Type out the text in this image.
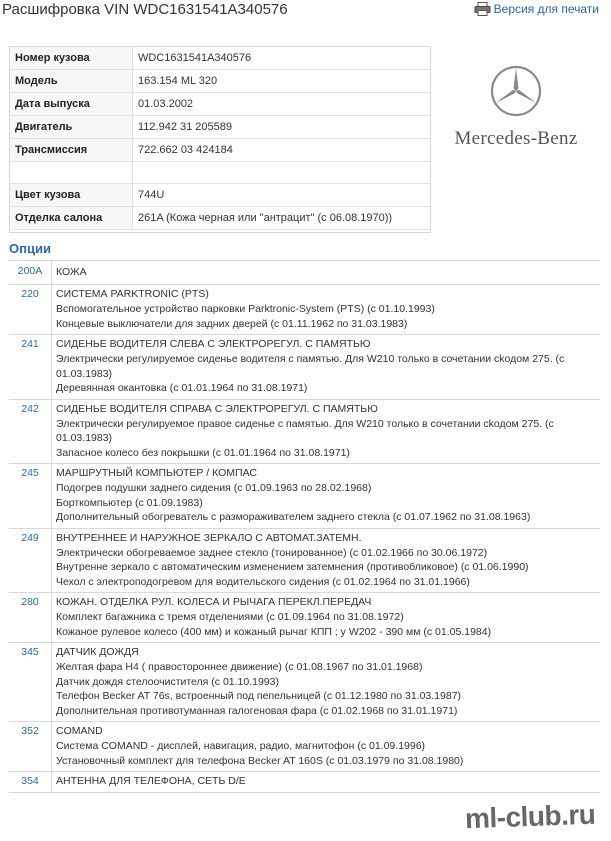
Расшифровка VIN WDC1631541A340576	Версия для печати
Номер кузова	WDC1631541A340576
Модель	163.154 ML 320
Дата выпуска	01.03.2002
Двигатель	112.942 31 205589
Трансмиссия	722.662 03 424184

Цвет кузова	744U
Отделка салона	261A (Кожа черная или "антрацит" (с 06.08.1970))
Mercedes-Benz
Опции
200A	КОЖА

220	СИСТЕМА PARKTRONIC (PTS)
Вспомогательное устройство парковки Parktronic-System (PTS) (с 01.10.1993)
Концевые выключатели для задних дверей (с 01.11.1962 по 31.03.1983)

241	СИДЕНЬЕ ВОДИТЕЛЯ СЛЕВА С ЭЛЕКТРОРЕГУЛ. С ПАМЯТЬЮ
Электрически регулируемое сиденье водителя с памятью. Для W210 только в сочетании сkодом 275. (с 01.03.1983)
Деревянная окантовка (с 01.01.1964 по 31.08.1971)

242	СИДЕНЬЕ ВОДИТЕЛЯ СПРАВА С ЭЛЕКТРОРЕГУЛ. С ПАМЯТЬЮ
Электрически регулируемое правое сиденье с памятью. Для W210 только в сочетании сkодом 275. (с 01.03.1983)
Запасное колесо без покрышки (с 01.01.1964 по 31.08.1971)

245	МАРШРУТНЫЙ КОМПЬЮТЕР / КОМПАС
Подогрев подушки заднего сидения (с 01.09.1963 по 28.02.1968)
Борткомпьютер (с 01.09.1983)
Дополнительный обогреватель с размораживателем заднего стекла (с 01.07.1962 по 31.08.1963)

249	ВНУТРЕННЕЕ И НАРУЖНОЕ ЗЕРКАЛО С АВТОМАТ.ЗАТЕМН.
Электрически обогреваемое заднее стекло (тонированное) (с 01.02.1966 по 30.06.1972)
Внутренне зеркало с автоматическим изменением затемнения (противобликовое) (с 01.06.1990)
Чехол с электроподогревом для водительского сидения (с 01.02.1964 по 31.01.1966)

280	КОЖАН. ОТДЕЛКА РУЛ. КОЛЕСА И РЫЧАГА ПЕРЕКЛ.ПЕРЕДАЧ
Комплект багажника с тремя отделениями (с 01.09.1964 по 31.08.1972)
Кожаное рулевое колесо (400 мм) и кожаный рычаг КПП ; у W202 - 390 мм (с 01.05.1984)

345	ДАТЧИК ДОЖДЯ
Желтая фара H4 ( правостороннее движение) (с 01.08.1967 по 31.01.1968)
Датчик дождя стелоочистителя (с 01.10.1993)
Телефон Becker AT 76s, встроенный под пепельницей (с 01.12.1980 по 31.03.1987)
Дополнительная противотуманная галогеновая фара (с 01.02.1968 по 31.01.1971)

352	COMAND
Система COMAND - дисплей, навигация, радио, магнитофон (с 01.09.1996)
Установочный комплект для телефона Becker AT 160S (с 01.03.1979 по 31.08.1980)

354	АНТЕННА ДЛЯ ТЕЛЕФОНА, СЕТЬ D/E
ml-club.ru
